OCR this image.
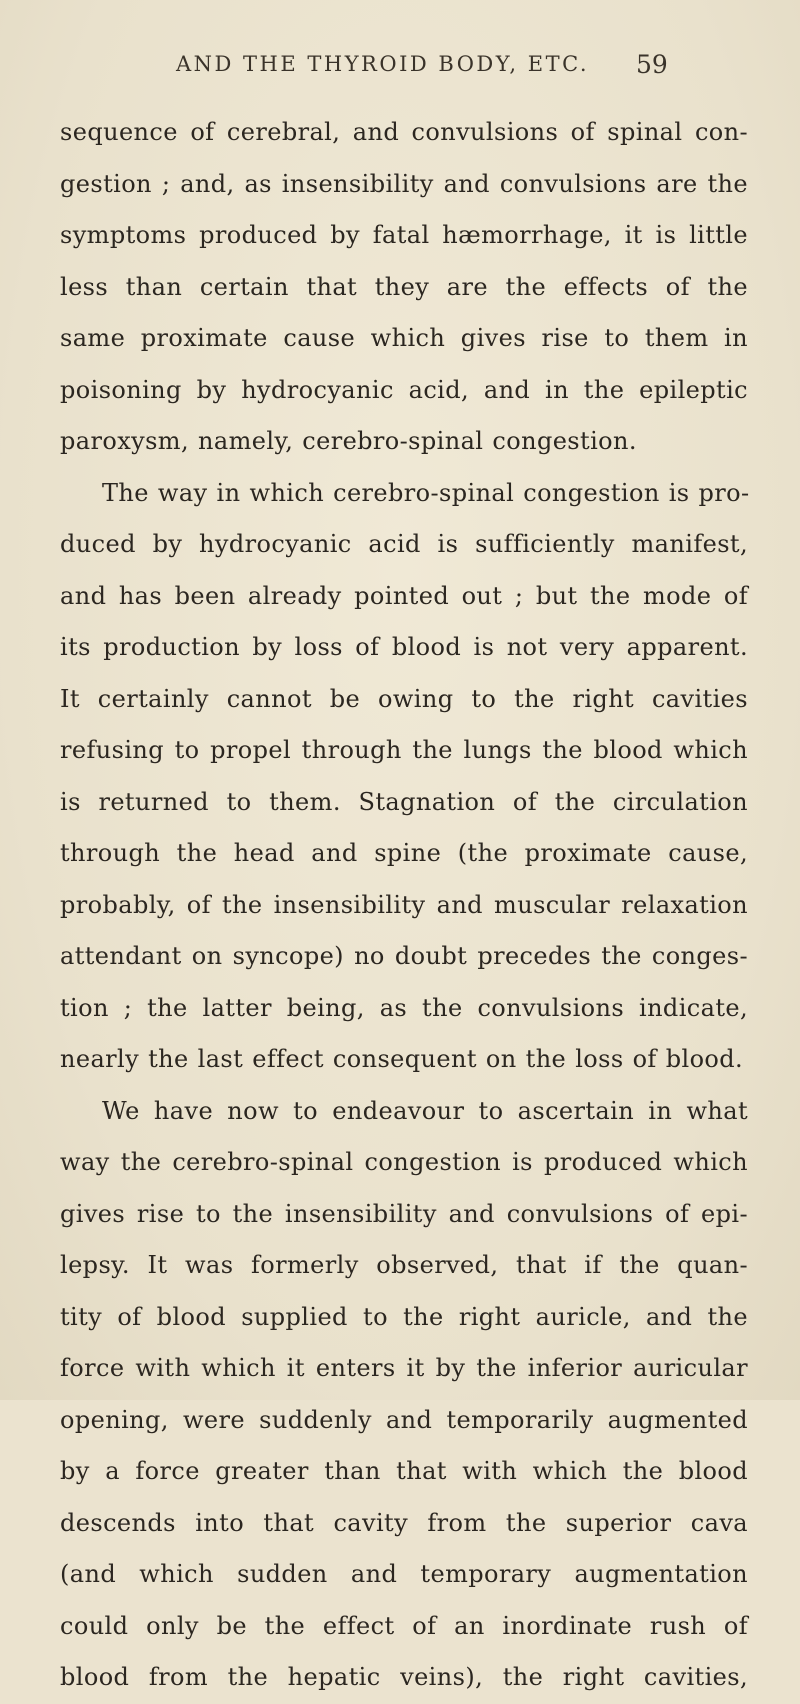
AND THE THYROID BODY, ETC. 59
sequence of cerebral, and convulsions of spinal con-
gestion ; and, as insensibility and convulsions are the
symptoms produced by fatal hæmorrhage, it is little
less than certain that they are the effects of the
same proximate cause which gives rise to them in
poisoning by hydrocyanic acid, and in the epileptic
paroxysm, namely, cerebro-spinal congestion.
The way in which cerebro-spinal congestion is pro-
duced by hydrocyanic acid is sufficiently manifest,
and has been already pointed out ; but the mode of
its production by loss of blood is not very apparent.
It certainly cannot be owing to the right cavities
refusing to propel through the lungs the blood which
is returned to them. Stagnation of the circulation
through the head and spine (the proximate cause,
probably, of the insensibility and muscular relaxation
attendant on syncope) no doubt precedes the conges-
tion ; the latter being, as the convulsions indicate,
nearly the last effect consequent on the loss of blood.
We have now to endeavour to ascertain in what
way the cerebro-spinal congestion is produced which
gives rise to the insensibility and convulsions of epi-
lepsy. It was formerly observed, that if the quan-
tity of blood supplied to the right auricle, and the
force with which it enters it by the inferior auricular
opening, were suddenly and temporarily augmented
by a force greater than that with which the blood
descends into that cavity from the superior cava
(and which sudden and temporary augmentation
could only be the effect of an inordinate rush of
blood from the hepatic veins), the right cavities,
